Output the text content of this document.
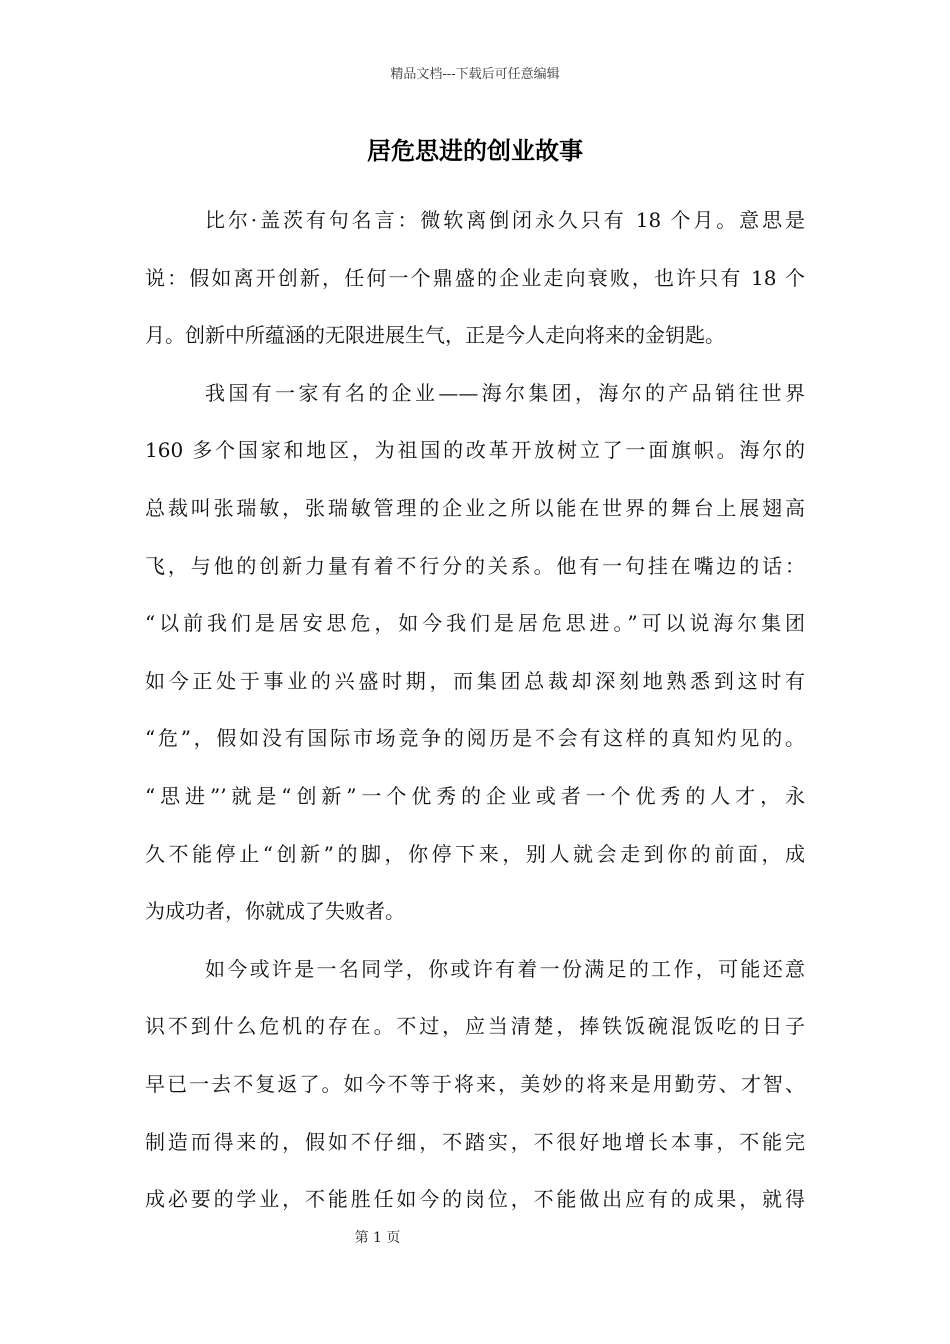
精品文档---下载后可任意编辑
居危思进的创业故事
比尔·盖茨有句名言：微软离倒闭永久只有 18 个月。意思是
说：假如离开创新，任何一个鼎盛的企业走向衰败，也许只有 18 个
月。创新中所蕴涵的无限进展生气，正是今人走向将来的金钥匙。
我国有一家有名的企业——海尔集团，海尔的产品销往世界
160 多个国家和地区，为祖国的改革开放树立了一面旗帜。海尔的
总裁叫张瑞敏，张瑞敏管理的企业之所以能在世界的舞台上展翅高
飞，与他的创新力量有着不行分的关系。他有一句挂在嘴边的话：
“以前我们是居安思危，如今我们是居危思进。”可以说海尔集团
如今正处于事业的兴盛时期，而集团总裁却深刻地熟悉到这时有
“危”，假如没有国际市场竞争的阅历是不会有这样的真知灼见的。
“思进”’就是“创新”一个优秀的企业或者一个优秀的人才，永
久不能停止“创新”的脚，你停下来，别人就会走到你的前面，成
为成功者，你就成了失败者。
如今或许是一名同学，你或许有着一份满足的工作，可能还意
识不到什么危机的存在。不过，应当清楚，捧铁饭碗混饭吃的日子
早已一去不复返了。如今不等于将来，美妙的将来是用勤劳、才智、
制造而得来的，假如不仔细，不踏实，不很好地增长本事，不能完
成必要的学业，不能胜任如今的岗位，不能做出应有的成果，就得
第 1 页
